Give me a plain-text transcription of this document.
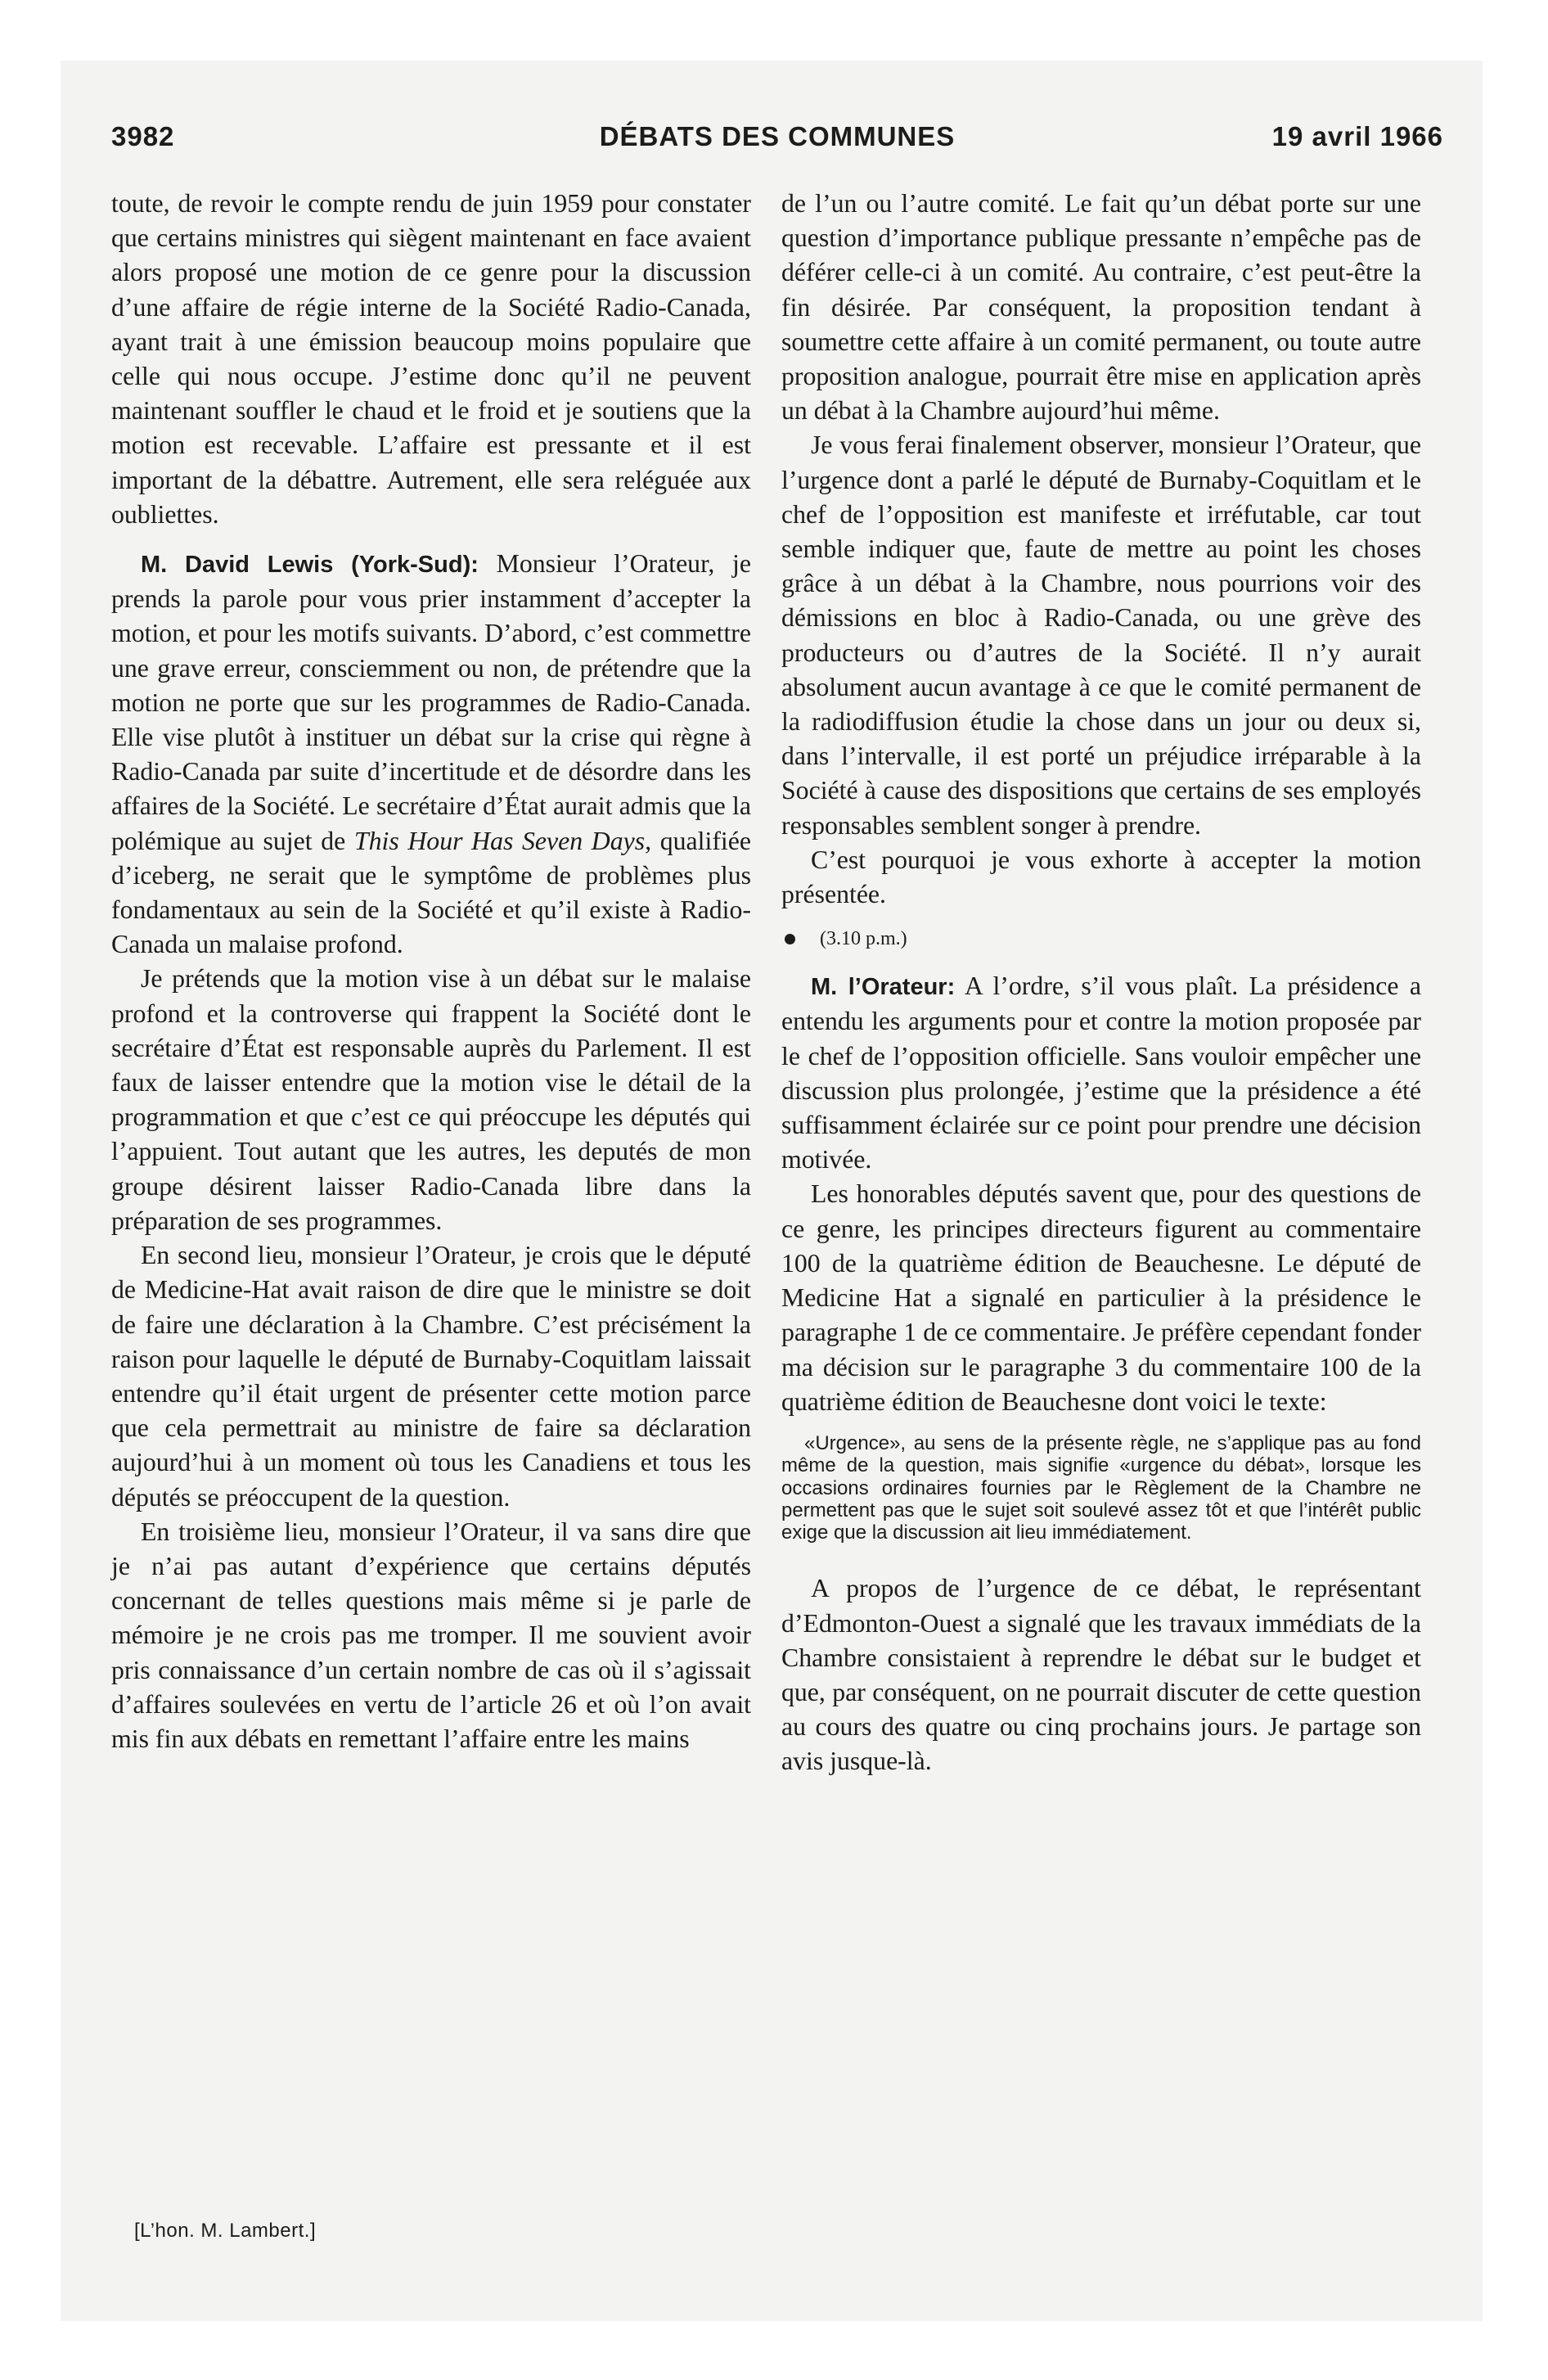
3982	DÉBATS DES COMMUNES	19 avril 1966

toute, de revoir le compte rendu de juin 1959 pour constater que certains ministres qui siègent maintenant en face avaient alors proposé une motion de ce genre pour la discussion d’une affaire de régie interne de la Société Radio-Canada, ayant trait à une émission beaucoup moins populaire que celle qui nous occupe. J’estime donc qu’il ne peuvent maintenant souffler le chaud et le froid et je soutiens que la motion est recevable. L’affaire est pressante et il est important de la débattre. Autrement, elle sera reléguée aux oubliettes.

M. David Lewis (York-Sud): Monsieur l’Orateur, je prends la parole pour vous prier instamment d’accepter la motion, et pour les motifs suivants. D’abord, c’est commettre une grave erreur, consciemment ou non, de prétendre que la motion ne porte que sur les programmes de Radio-Canada. Elle vise plutôt à instituer un débat sur la crise qui règne à Radio-Canada par suite d’incertitude et de désordre dans les affaires de la Société. Le secrétaire d’État aurait admis que la polémique au sujet de This Hour Has Seven Days, qualifiée d’iceberg, ne serait que le symptôme de problèmes plus fondamentaux au sein de la Société et qu’il existe à Radio-Canada un malaise profond.

Je prétends que la motion vise à un débat sur le malaise profond et la controverse qui frappent la Société dont le secrétaire d’État est responsable auprès du Parlement. Il est faux de laisser entendre que la motion vise le détail de la programmation et que c’est ce qui préoccupe les députés qui l’appuient. Tout autant que les autres, les deputés de mon groupe désirent laisser Radio-Canada libre dans la préparation de ses programmes.

En second lieu, monsieur l’Orateur, je crois que le député de Medicine-Hat avait raison de dire que le ministre se doit de faire une déclaration à la Chambre. C’est précisément la raison pour laquelle le député de Burnaby-Coquitlam laissait entendre qu’il était urgent de présenter cette motion parce que cela permettrait au ministre de faire sa déclaration aujourd’hui à un moment où tous les Canadiens et tous les députés se préoccupent de la question.

En troisième lieu, monsieur l’Orateur, il va sans dire que je n’ai pas autant d’expérience que certains députés concernant de telles questions mais même si je parle de mémoire je ne crois pas me tromper. Il me souvient avoir pris connaissance d’un certain nombre de cas où il s’agissait d’affaires soulevées en vertu de l’article 26 et où l’on avait mis fin aux débats en remettant l’affaire entre les mains

[L’hon. M. Lambert.]

de l’un ou l’autre comité. Le fait qu’un débat porte sur une question d’importance publique pressante n’empêche pas de déférer celle-ci à un comité. Au contraire, c’est peut-être la fin désirée. Par conséquent, la proposition tendant à soumettre cette affaire à un comité permanent, ou toute autre proposition analogue, pourrait être mise en application après un débat à la Chambre aujourd’hui même.

Je vous ferai finalement observer, monsieur l’Orateur, que l’urgence dont a parlé le député de Burnaby-Coquitlam et le chef de l’opposition est manifeste et irréfutable, car tout semble indiquer que, faute de mettre au point les choses grâce à un débat à la Chambre, nous pourrions voir des démissions en bloc à Radio-Canada, ou une grève des producteurs ou d’autres de la Société. Il n’y aurait absolument aucun avantage à ce que le comité permanent de la radiodiffusion étudie la chose dans un jour ou deux si, dans l’intervalle, il est porté un préjudice irréparable à la Société à cause des dispositions que certains de ses employés responsables semblent songer à prendre.

C’est pourquoi je vous exhorte à accepter la motion présentée.

(3.10 p.m.)

M. l’Orateur: A l’ordre, s’il vous plaît. La présidence a entendu les arguments pour et contre la motion proposée par le chef de l’opposition officielle. Sans vouloir empêcher une discussion plus prolongée, j’estime que la présidence a été suffisamment éclairée sur ce point pour prendre une décision motivée.

Les honorables députés savent que, pour des questions de ce genre, les principes directeurs figurent au commentaire 100 de la quatrième édition de Beauchesne. Le député de Medicine Hat a signalé en particulier à la présidence le paragraphe 1 de ce commentaire. Je préfère cependant fonder ma décision sur le paragraphe 3 du commentaire 100 de la quatrième édition de Beauchesne dont voici le texte:

«Urgence», au sens de la présente règle, ne s’applique pas au fond même de la question, mais signifie «urgence du débat», lorsque les occasions ordinaires fournies par le Règlement de la Chambre ne permettent pas que le sujet soit soulevé assez tôt et que l’intérêt public exige que la discussion ait lieu immédiatement.

A propos de l’urgence de ce débat, le représentant d’Edmonton-Ouest a signalé que les travaux immédiats de la Chambre consistaient à reprendre le débat sur le budget et que, par conséquent, on ne pourrait discuter de cette question au cours des quatre ou cinq prochains jours. Je partage son avis jusque-là.
